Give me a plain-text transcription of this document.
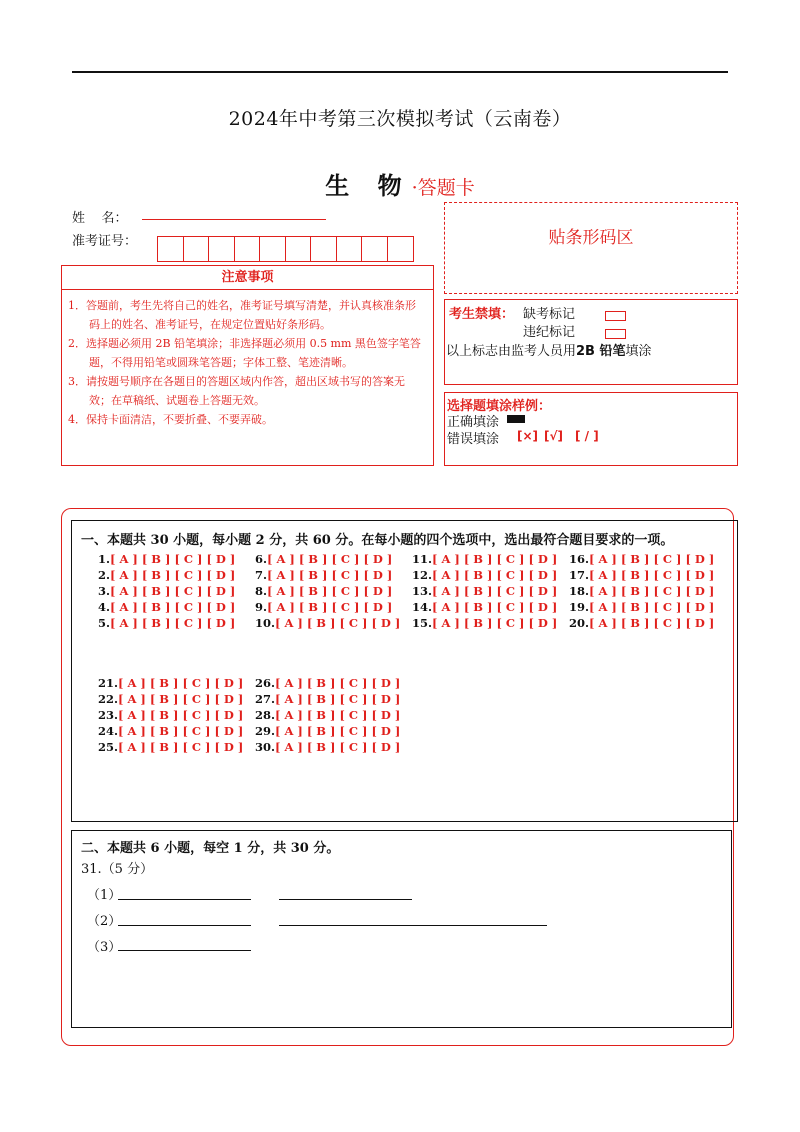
2024年中考第三次模拟考试（云南卷）
生 物·答题卡
姓    名：
准考证号：
注意事项
1．答题前，考生先将自己的姓名，准考证号填写清楚，并认真核准条形码上的姓名、准考证号，在规定位置贴好条形码。
2．选择题必须用 2B 铅笔填涂；非选择题必须用 0.5 mm 黑色签字笔答题，不得用铅笔或圆珠笔答题；字体工整、笔迹清晰。
3．请按题号顺序在各题目的答题区域内作答，超出区域书写的答案无效；在草稿纸、试题卷上答题无效。
4．保持卡面清洁，不要折叠、不要弄破。
贴条形码区
考生禁填： 缺考标记
违纪标记
以上标志由监考人员用2B 铅笔填涂
选择题填涂样例：
正确填涂
错误填涂 [×] [√] [ / ]
一、本题共 30 小题，每小题 2 分，共 60 分。在每小题的四个选项中，选出最符合题目要求的一项。
1.[ A ] [ B ] [ C ] [ D ]
2.[ A ] [ B ] [ C ] [ D ]
3.[ A ] [ B ] [ C ] [ D ]
4.[ A ] [ B ] [ C ] [ D ]
5.[ A ] [ B ] [ C ] [ D ]
6.[ A ] [ B ] [ C ] [ D ]
7.[ A ] [ B ] [ C ] [ D ]
8.[ A ] [ B ] [ C ] [ D ]
9.[ A ] [ B ] [ C ] [ D ]
10.[ A ] [ B ] [ C ] [ D ]
11.[ A ] [ B ] [ C ] [ D ]
12.[ A ] [ B ] [ C ] [ D ]
13.[ A ] [ B ] [ C ] [ D ]
14.[ A ] [ B ] [ C ] [ D ]
15.[ A ] [ B ] [ C ] [ D ]
16.[ A ] [ B ] [ C ] [ D ]
17.[ A ] [ B ] [ C ] [ D ]
18.[ A ] [ B ] [ C ] [ D ]
19.[ A ] [ B ] [ C ] [ D ]
20.[ A ] [ B ] [ C ] [ D ]
21.[ A ] [ B ] [ C ] [ D ]
22.[ A ] [ B ] [ C ] [ D ]
23.[ A ] [ B ] [ C ] [ D ]
24.[ A ] [ B ] [ C ] [ D ]
25.[ A ] [ B ] [ C ] [ D ]
26.[ A ] [ B ] [ C ] [ D ]
27.[ A ] [ B ] [ C ] [ D ]
28.[ A ] [ B ] [ C ] [ D ]
29.[ A ] [ B ] [ C ] [ D ]
30.[ A ] [ B ] [ C ] [ D ]
二、本题共 6 小题，每空 1 分，共 30 分。
31.（5 分）
（1）
（2）
（3）
